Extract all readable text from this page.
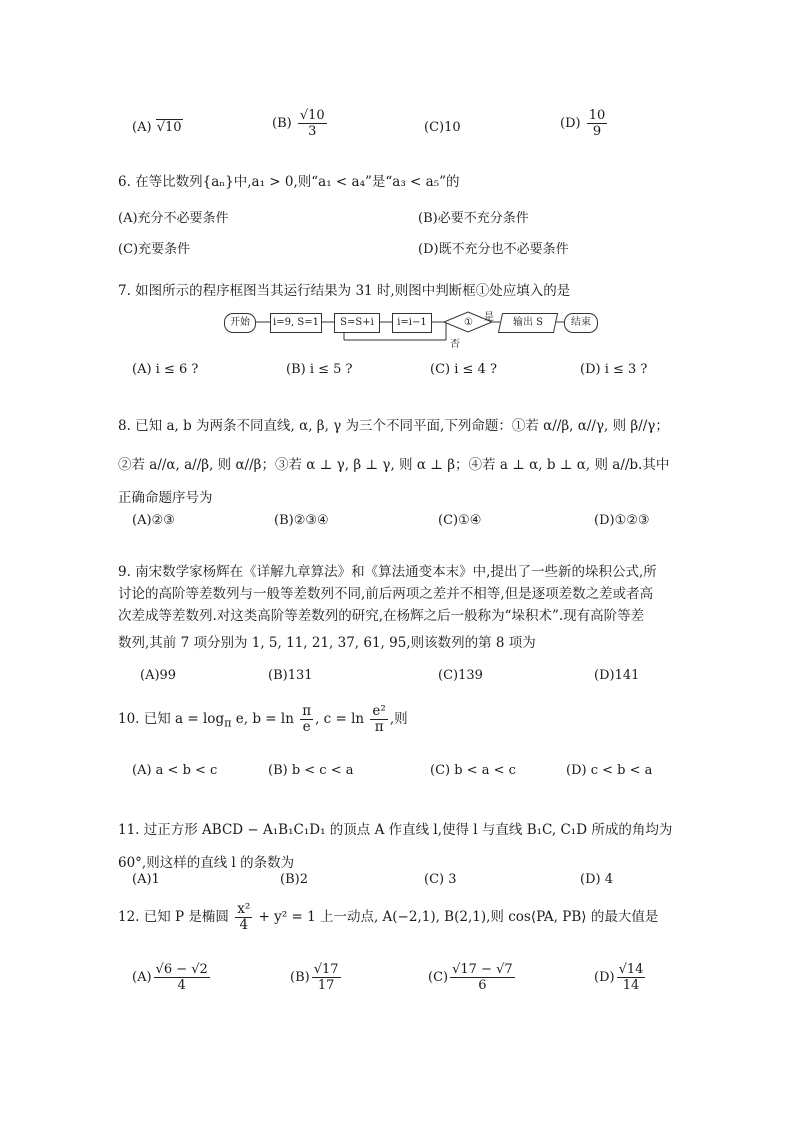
(A) √10	$(B) \frac{√10}{3}$	(C)10	$(D) \frac{10}{9}$
6. 在等比数列{aₙ}中,a₁ > 0,则“a₁ < a₄”是“a₃ < a₅”的
(A)充分不必要条件	(B)必要不充分条件
(C)充要条件	(D)既不充分也不必要条件
7. 如图所示的程序框图当其运行结果为 31 时,则图中判断框①处应填入的是
开始	i=9, S=1	S=S+i	i=i−1	① 是
否
输出 S	结束
(A) i ≤ 6 ?	(B) i ≤ 5 ?	(C) i ≤ 4 ?	(D) i ≤ 3 ?
8. 已知 a, b 为两条不同直线, α, β, γ 为三个不同平面,下列命题：①若 α//β, α//γ, 则 β//γ；
②若 a//α, a//β, 则 α//β；③若 α ⊥ γ, β ⊥ γ, 则 α ⊥ β；④若 a ⊥ α, b ⊥ α, 则 a//b.其中
正确命题序号为
(A)②③	(B)②③④	(C)①④	(D)①②③
9. 南宋数学家杨辉在《详解九章算法》和《算法通变本末》中,提出了一些新的垛积公式,所
讨论的高阶等差数列与一般等差数列不同,前后两项之差并不相等,但是逐项差数之差或者高
次差成等差数列.对这类高阶等差数列的研究,在杨辉之后一般称为“垛积术”.现有高阶等差
数列,其前 7 项分别为 1, 5, 11, 21, 37, 61, 95,则该数列的第 8 项为
(A)99	(B)131	(C)139	(D)141
10. 已知 $a = \log_\pi e$, $b = \ln \frac{\pi}{e}$ , $c = \ln \frac{\text{e²}}{\pi}$ ,则
(A) a < b < c	(B) b < c < a	(C) b < a < c	(D) c < b < a
11. 过正方形 ABCD − A₁B₁C₁D₁ 的顶点 A 作直线 l,使得 l 与直线 B₁C, C₁D 所成的角均为
60°,则这样的直线 l 的条数为
(A)1	(B)2	(C) 3	(D) 4
12. 已知 P 是椭圆 $\frac{\text{x²}}{4} + y^2 = 1$ 上一动点, A(−2,1), B(2,1),则 cos⟨PA, PB⟩ 的最大值是
$(A) \frac{√6 - √2}{4}$	$(B) \frac{√17}{17}$	$(C) \frac{√17 - √7}{6}$	$(D) \frac{√14}{14}$
